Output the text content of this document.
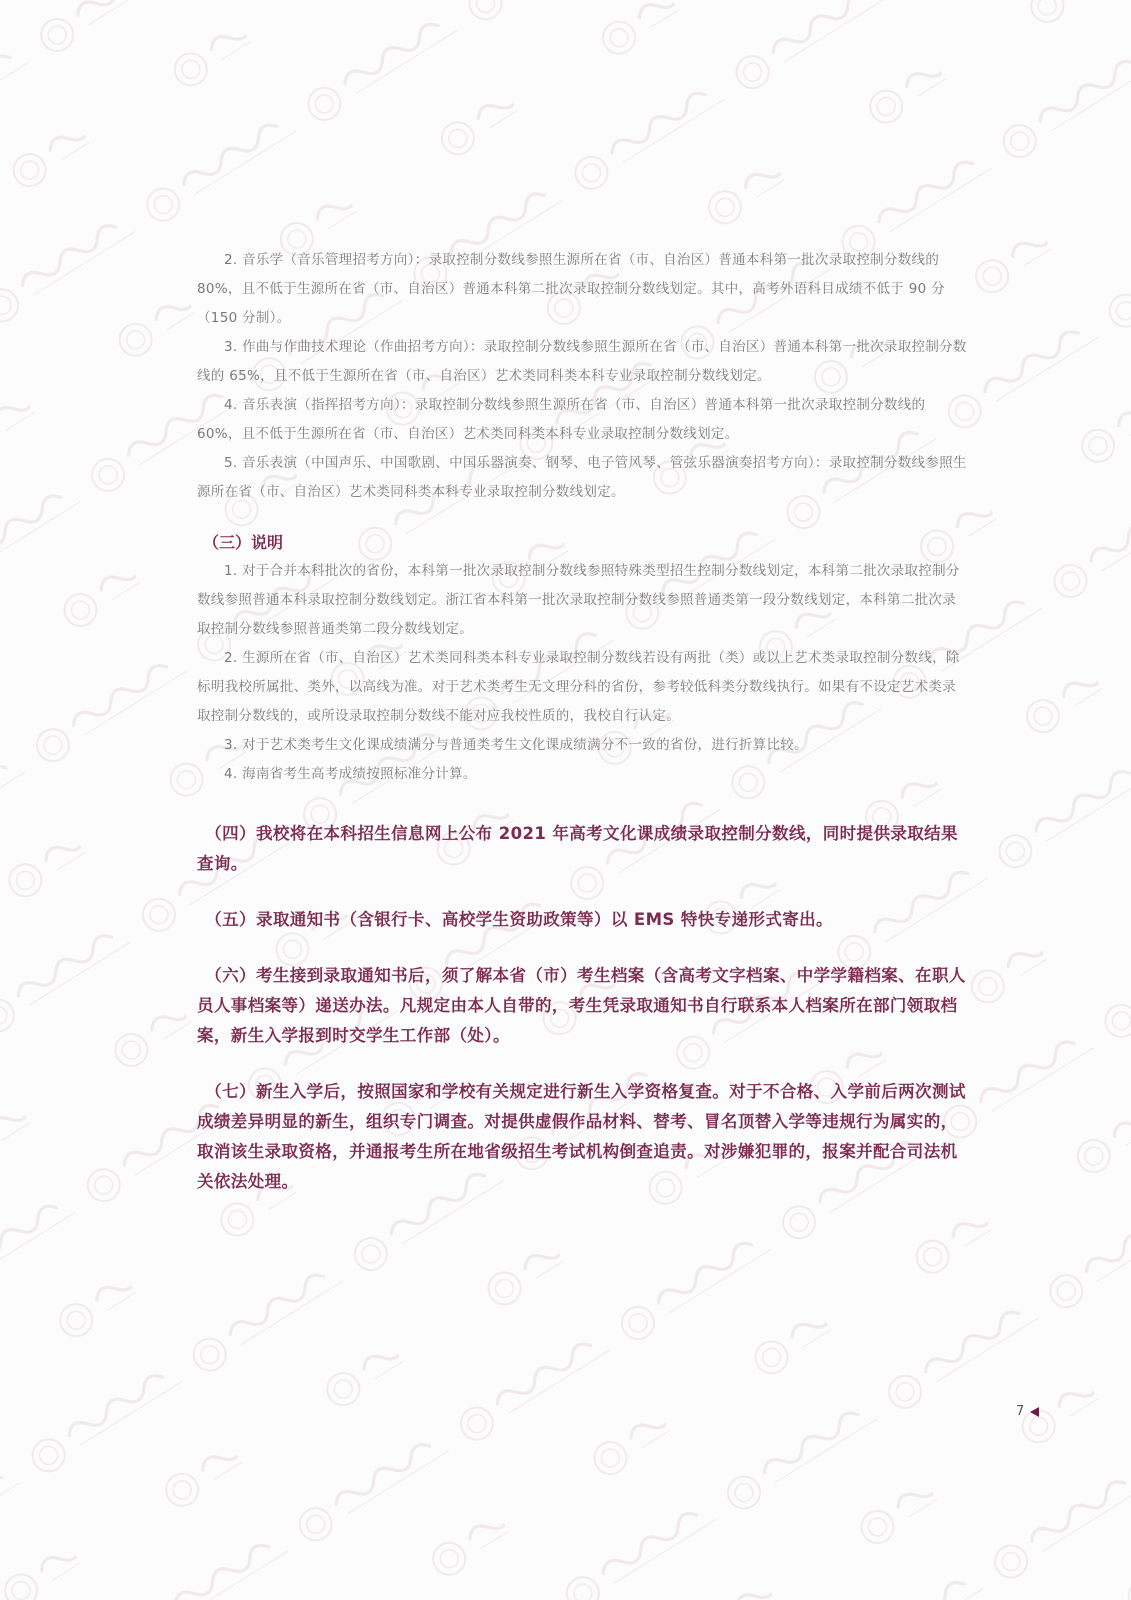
2. 音乐学（音乐管理招考方向）：录取控制分数线参照生源所在省（市、自治区）普通本科第一批次录取控制分数线的 80%，且不低于生源所在省（市、自治区）普通本科第二批次录取控制分数线划定。其中，高考外语科目成绩不低于 90 分（150 分制）。

3. 作曲与作曲技术理论（作曲招考方向）：录取控制分数线参照生源所在省（市、自治区）普通本科第一批次录取控制分数线的 65%，且不低于生源所在省（市、自治区）艺术类同科类本科专业录取控制分数线划定。

4. 音乐表演（指挥招考方向）：录取控制分数线参照生源所在省（市、自治区）普通本科第一批次录取控制分数线的 60%，且不低于生源所在省（市、自治区）艺术类同科类本科专业录取控制分数线划定。

5. 音乐表演（中国声乐、中国歌剧、中国乐器演奏、钢琴、电子管风琴、管弦乐器演奏招考方向）：录取控制分数线参照生源所在省（市、自治区）艺术类同科类本科专业录取控制分数线划定。

（三）说明

1. 对于合并本科批次的省份，本科第一批次录取控制分数线参照特殊类型招生控制分数线划定，本科第二批次录取控制分数线参照普通本科录取控制分数线划定。浙江省本科第一批次录取控制分数线参照普通类第一段分数线划定，本科第二批次录取控制分数线参照普通类第二段分数线划定。

2. 生源所在省（市、自治区）艺术类同科类本科专业录取控制分数线若设有两批（类）或以上艺术类录取控制分数线，除标明我校所属批、类外，以高线为准。对于艺术类考生无文理分科的省份，参考较低科类分数线执行。如果有不设定艺术类录取控制分数线的，或所设录取控制分数线不能对应我校性质的，我校自行认定。

3. 对于艺术类考生文化课成绩满分与普通类考生文化课成绩满分不一致的省份，进行折算比较。

4. 海南省考生高考成绩按照标准分计算。

（四）我校将在本科招生信息网上公布 2021 年高考文化课成绩录取控制分数线，同时提供录取结果查询。

（五）录取通知书（含银行卡、高校学生资助政策等）以 EMS 特快专递形式寄出。

（六）考生接到录取通知书后，须了解本省（市）考生档案（含高考文字档案、中学学籍档案、在职人员人事档案等）递送办法。凡规定由本人自带的，考生凭录取通知书自行联系本人档案所在部门领取档案，新生入学报到时交学生工作部（处）。

（七）新生入学后，按照国家和学校有关规定进行新生入学资格复查。对于不合格、入学前后两次测试成绩差异明显的新生，组织专门调查。对提供虚假作品材料、替考、冒名顶替入学等违规行为属实的，取消该生录取资格，并通报考生所在地省级招生考试机构倒查追责。对涉嫌犯罪的，报案并配合司法机关依法处理。

7
